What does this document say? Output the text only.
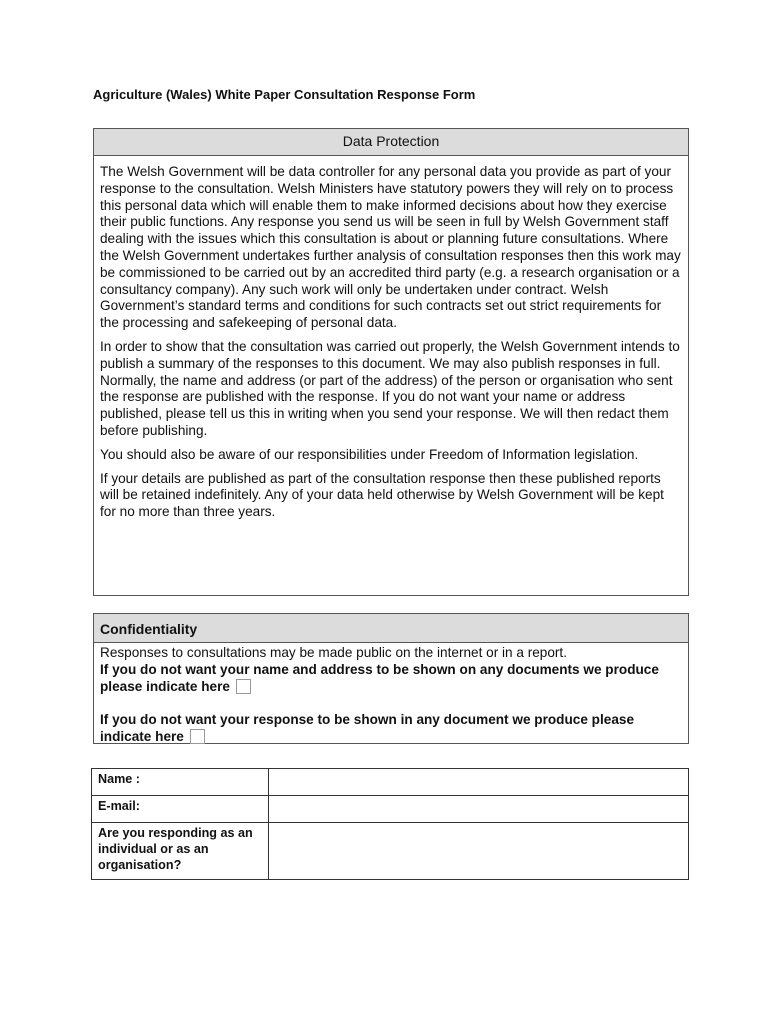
Agriculture (Wales) White Paper Consultation Response Form
Data Protection

The Welsh Government will be data controller for any personal data you provide as part of your response to the consultation. Welsh Ministers have statutory powers they will rely on to process this personal data which will enable them to make informed decisions about how they exercise their public functions. Any response you send us will be seen in full by Welsh Government staff dealing with the issues which this consultation is about or planning future consultations. Where the Welsh Government undertakes further analysis of consultation responses then this work may be commissioned to be carried out by an accredited third party (e.g. a research organisation or a consultancy company). Any such work will only be undertaken under contract. Welsh Government’s standard terms and conditions for such contracts set out strict requirements for the processing and safekeeping of personal data.

In order to show that the consultation was carried out properly, the Welsh Government intends to publish a summary of the responses to this document. We may also publish responses in full. Normally, the name and address (or part of the address) of the person or organisation who sent the response are published with the response. If you do not want your name or address published, please tell us this in writing when you send your response. We will then redact them before publishing.

You should also be aware of our responsibilities under Freedom of Information legislation.

If your details are published as part of the consultation response then these published reports will be retained indefinitely. Any of your data held otherwise by Welsh Government will be kept for no more than three years.

Confidentiality

Responses to consultations may be made public on the internet or in a report.

If you do not want your name and address to be shown on any documents we produce please indicate here

If you do not want your response to be shown in any document we produce please indicate here

Name :	
E-mail:	
Are you responding as an individual or as an organisation?	
